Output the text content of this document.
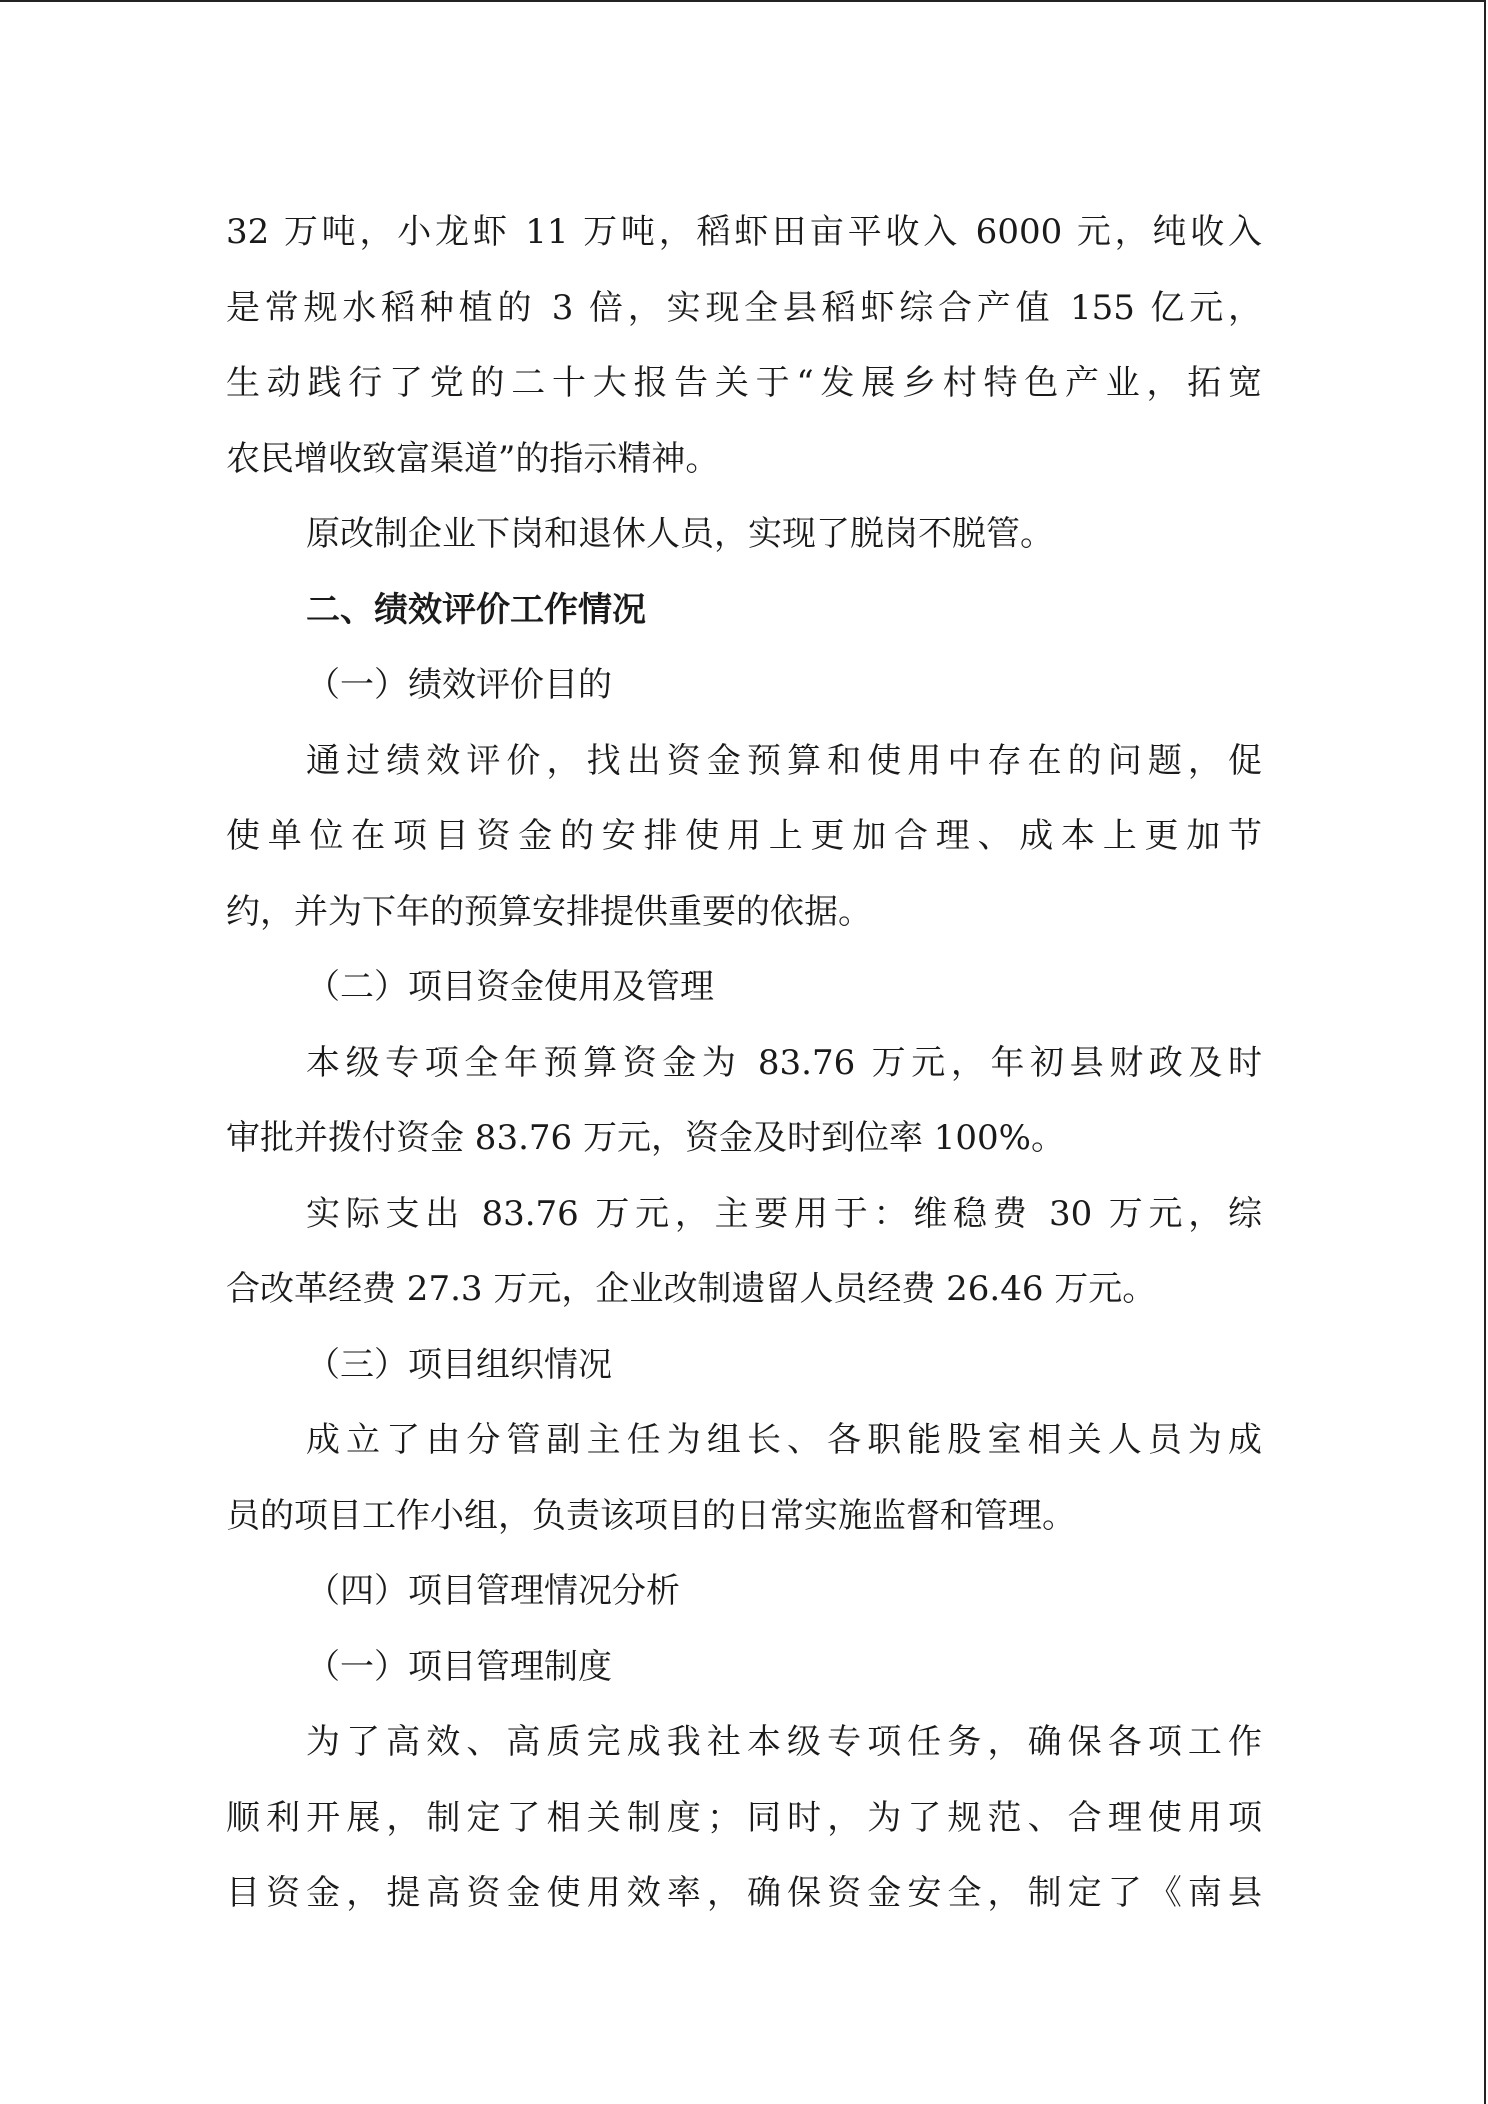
32 万吨，小龙虾 11 万吨，稻虾田亩平收入 6000 元，纯收入
是常规水稻种植的 3 倍，实现全县稻虾综合产值 155 亿元，
生动践行了党的二十大报告关于“发展乡村特色产业，拓宽
农民增收致富渠道”的指示精神。
原改制企业下岗和退休人员，实现了脱岗不脱管。
二、绩效评价工作情况
（一）绩效评价目的
通过绩效评价，找出资金预算和使用中存在的问题，促
使单位在项目资金的安排使用上更加合理、成本上更加节
约，并为下年的预算安排提供重要的依据。
（二）项目资金使用及管理
本级专项全年预算资金为 83.76 万元，年初县财政及时
审批并拨付资金 83.76 万元，资金及时到位率 100%。
实际支出 83.76 万元，主要用于：维稳费 30 万元，综
合改革经费 27.3 万元，企业改制遗留人员经费 26.46 万元。
（三）项目组织情况
成立了由分管副主任为组长、各职能股室相关人员为成
员的项目工作小组，负责该项目的日常实施监督和管理。
（四）项目管理情况分析
（一）项目管理制度
为了高效、高质完成我社本级专项任务，确保各项工作
顺利开展，制定了相关制度；同时，为了规范、合理使用项
目资金，提高资金使用效率，确保资金安全，制定了《南县
